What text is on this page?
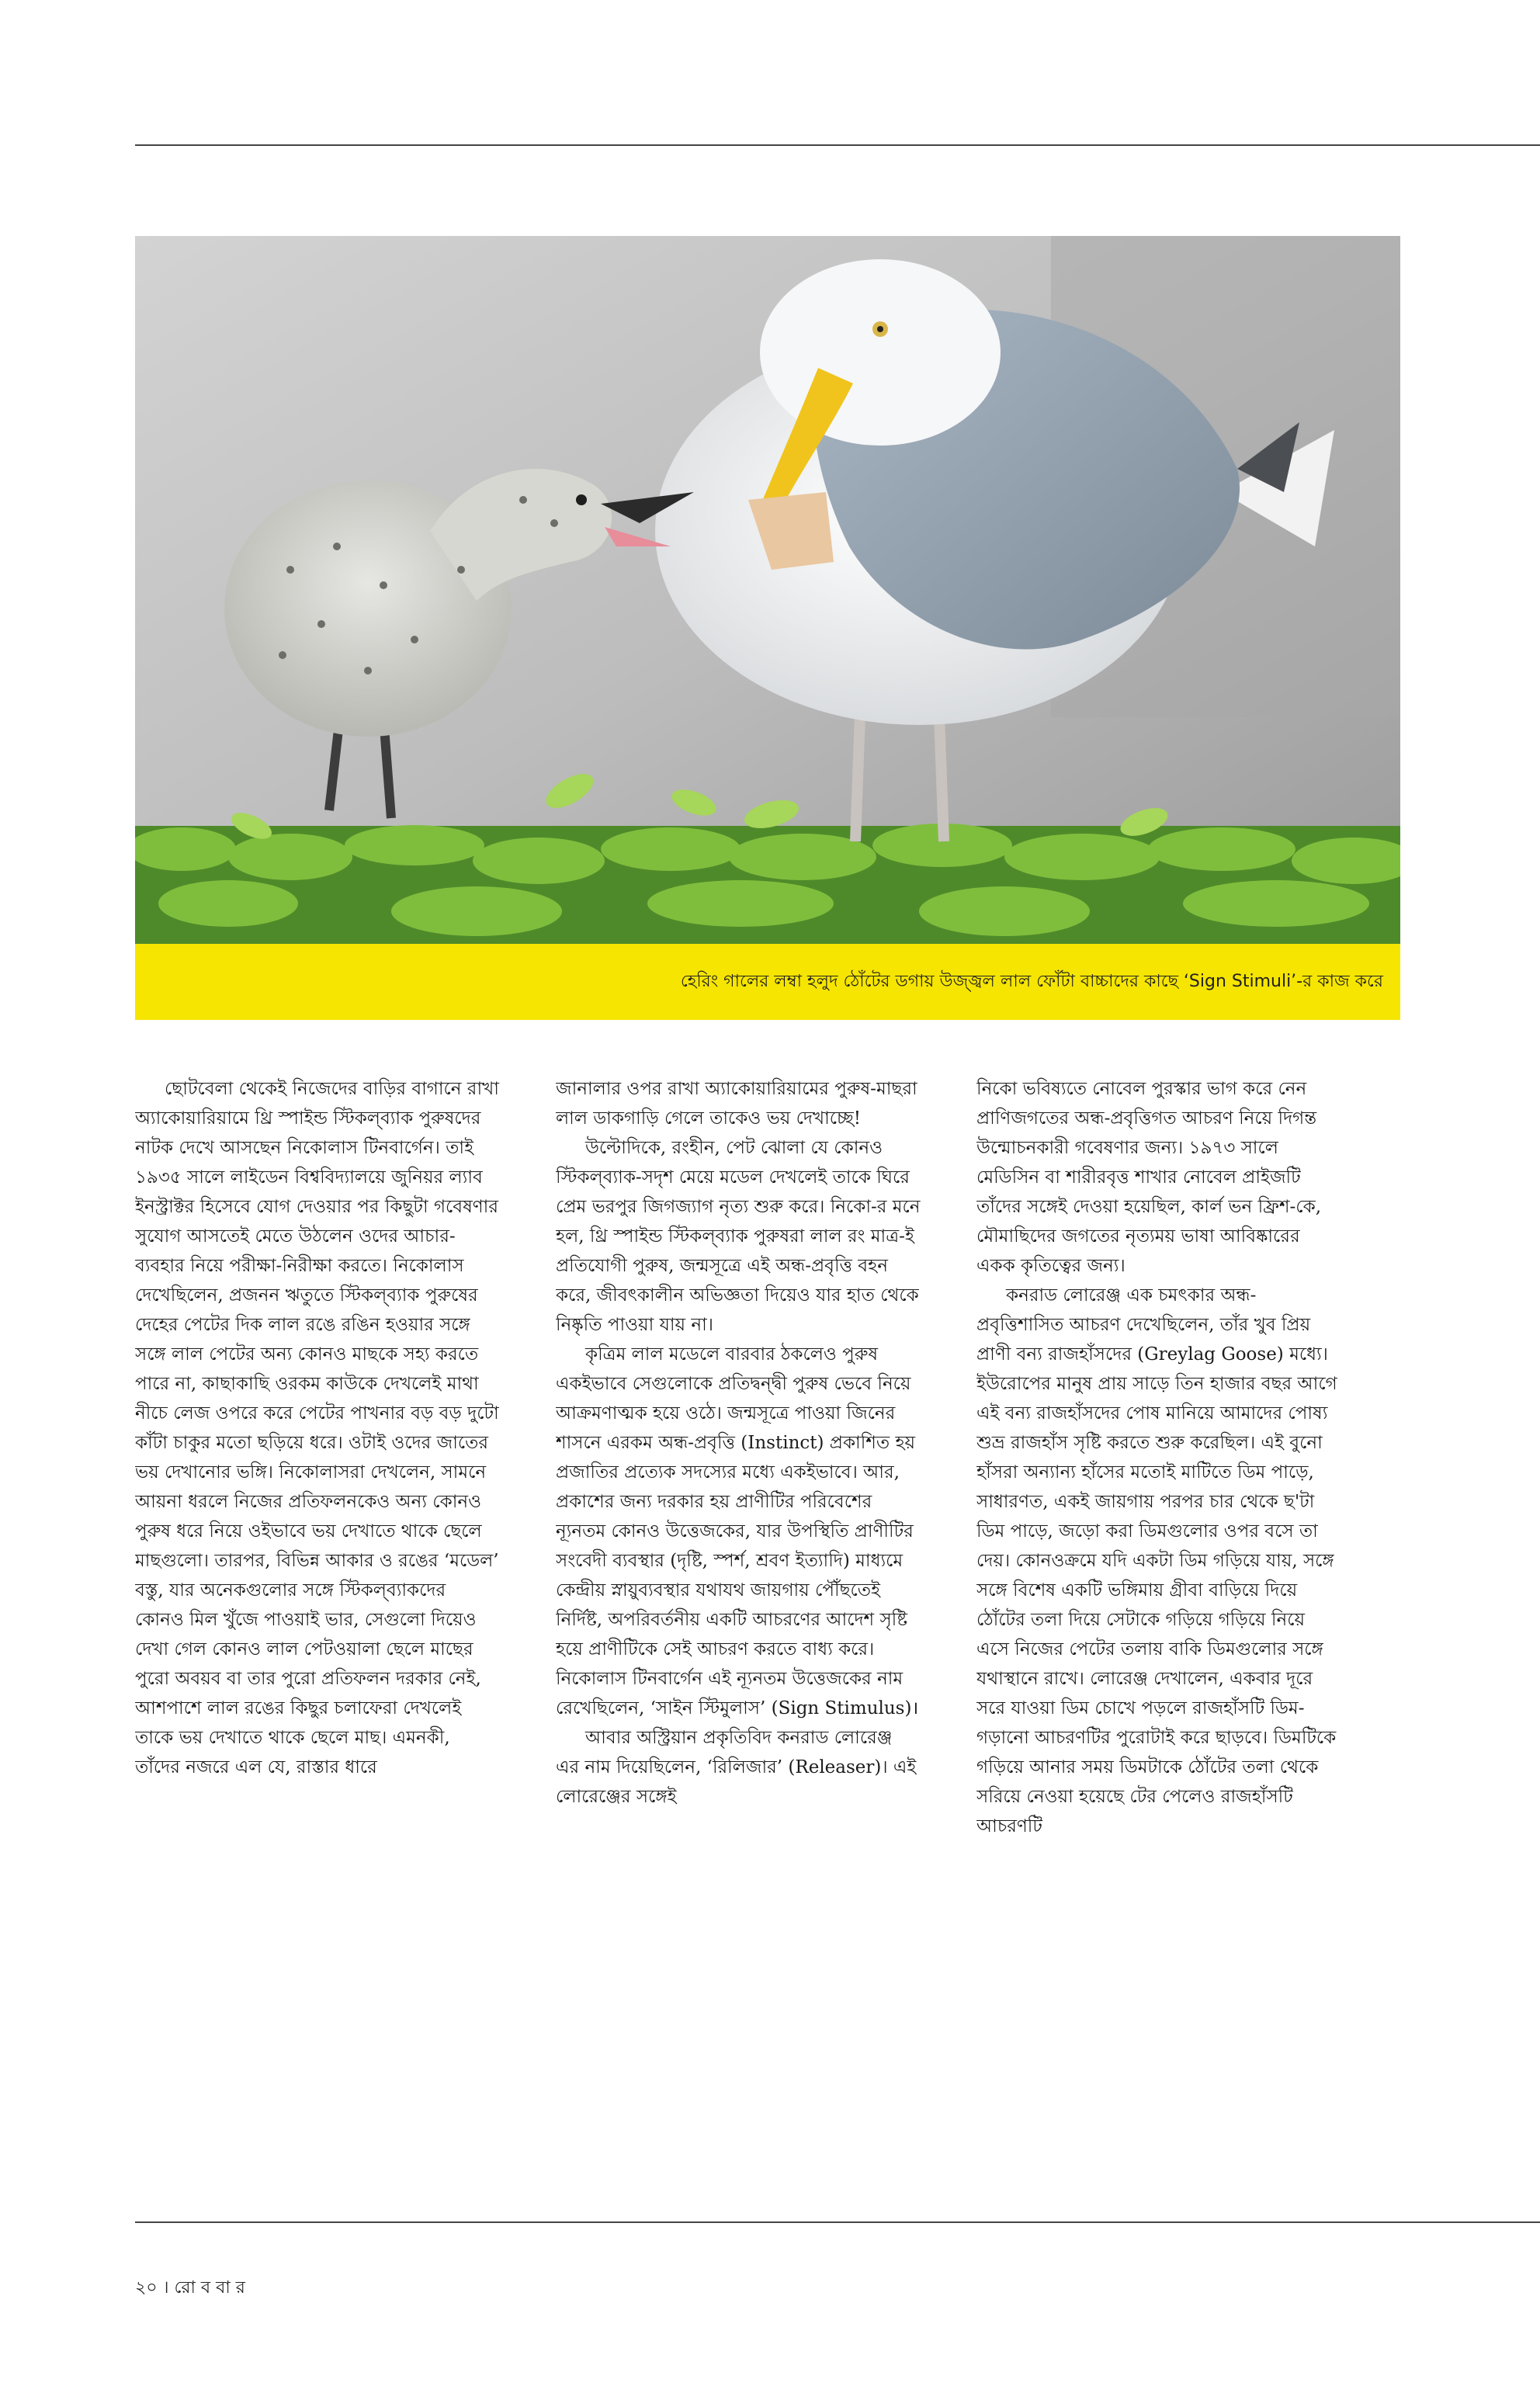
হেরিং গালের লম্বা হলুদ ঠোঁটের ডগায় উজ্জ্বল লাল ফোঁটা বাচ্চাদের কাছে ‘Sign Stimuli’-র কাজ করে

ছোটবেলা থেকেই নিজেদের বাড়ির বাগানে রাখা অ্যাকোয়ারিয়ামে থ্রি স্পাইন্ড স্টিকল্‌ব্যাক পুরুষদের নাটক দেখে আসছেন নিকোলাস টিনবার্গেন। তাই ১৯৩৫ সালে লাইডেন বিশ্ববিদ্যালয়ে জুনিয়র ল্যাব ইনস্ট্রাক্টর হিসেবে যোগ দেওয়ার পর কিছুটা গবেষণার সুযোগ আসতেই মেতে উঠলেন ওদের আচার-ব্যবহার নিয়ে পরীক্ষা-নিরীক্ষা করতে। নিকোলাস দেখেছিলেন, প্রজনন ঋতুতে স্টিকল্‌ব্যাক পুরুষের দেহের পেটের দিক লাল রঙে রঙিন হওয়ার সঙ্গে সঙ্গে লাল পেটের অন্য কোনও মাছকে সহ্য করতে পারে না, কাছাকাছি ওরকম কাউকে দেখলেই মাথা নীচে লেজ ওপরে করে পেটের পাখনার বড় বড় দুটো কাঁটা চাকুর মতো ছড়িয়ে ধরে। ওটাই ওদের জাতের ভয় দেখানোর ভঙ্গি। নিকোলাসরা দেখলেন, সামনে আয়না ধরলে নিজের প্রতিফলনকেও অন্য কোনও পুরুষ ধরে নিয়ে ওইভাবে ভয় দেখাতে থাকে ছেলে মাছগুলো। তারপর, বিভিন্ন আকার ও রঙের ‘মডেল’ বস্তু, যার অনেকগুলোর সঙ্গে স্টিকল্‌ব্যাকদের কোনও মিল খুঁজে পাওয়াই ভার, সেগুলো দিয়েও দেখা গেল কোনও লাল পেটওয়ালা ছেলে মাছের পুরো অবয়ব বা তার পুরো প্রতিফলন দরকার নেই, আশপাশে লাল রঙের কিছুর চলাফেরা দেখলেই তাকে ভয় দেখাতে থাকে ছেলে মাছ। এমনকী, তাঁদের নজরে এল যে, রাস্তার ধারে

জানালার ওপর রাখা অ্যাকোয়ারিয়ামের পুরুষ-মাছরা লাল ডাকগাড়ি গেলে তাকেও ভয় দেখাচ্ছে!

উল্টোদিকে, রংহীন, পেট ঝোলা যে কোনও স্টিকল্‌ব্যাক-সদৃশ মেয়ে মডেল দেখলেই তাকে ঘিরে প্রেম ভরপুর জিগজ্যাগ নৃত্য শুরু করে। নিকো-র মনে হল, থ্রি স্পাইন্ড স্টিকল্‌ব্যাক পুরুষরা লাল রং মাত্র-ই প্রতিযোগী পুরুষ, জন্মসূত্রে এই অন্ধ-প্রবৃত্তি বহন করে, জীবৎকালীন অভিজ্ঞতা দিয়েও যার হাত থেকে নিষ্কৃতি পাওয়া যায় না।

কৃত্রিম লাল মডেলে বারবার ঠকলেও পুরুষ একইভাবে সেগুলোকে প্রতিদ্বন্দ্বী পুরুষ ভেবে নিয়ে আক্রমণাত্মক হয়ে ওঠে। জন্মসূত্রে পাওয়া জিনের শাসনে এরকম অন্ধ-প্রবৃত্তি (Instinct) প্রকাশিত হয় প্রজাতির প্রত্যেক সদস্যের মধ্যে একইভাবে। আর, প্রকাশের জন্য দরকার হয় প্রাণীটির পরিবেশের ন্যূনতম কোনও উত্তেজকের, যার উপস্থিতি প্রাণীটির সংবেদী ব্যবস্থার (দৃষ্টি, স্পর্শ, শ্রবণ ইত্যাদি) মাধ্যমে কেন্দ্রীয় স্নায়ুব্যবস্থার যথাযথ জায়গায় পৌঁছতেই নির্দিষ্ট, অপরিবর্তনীয় একটি আচরণের আদেশ সৃষ্টি হয়ে প্রাণীটিকে সেই আচরণ করতে বাধ্য করে। নিকোলাস টিনবার্গেন এই ন্যূনতম উত্তেজকের নাম রেখেছিলেন, ‘সাইন স্টিমুলাস’ (Sign Stimulus)।

আবার অস্ট্রিয়ান প্রকৃতিবিদ কনরাড লোরেঞ্জ এর নাম দিয়েছিলেন, ‘রিলিজার’ (Releaser)। এই লোরেঞ্জের সঙ্গেই

নিকো ভবিষ্যতে নোবেল পুরস্কার ভাগ করে নেন প্রাণিজগতের অন্ধ-প্রবৃত্তিগত আচরণ নিয়ে দিগন্ত উন্মোচনকারী গবেষণার জন্য। ১৯৭৩ সালে মেডিসিন বা শারীরবৃত্ত শাখার নোবেল প্রাইজটি তাঁদের সঙ্গেই দেওয়া হয়েছিল, কার্ল ভন ফ্রিশ-কে, মৌমাছিদের জগতের নৃত্যময় ভাষা আবিষ্কারের একক কৃতিত্বের জন্য।

কনরাড লোরেঞ্জ এক চমৎকার অন্ধ-প্রবৃত্তিশাসিত আচরণ দেখেছিলেন, তাঁর খুব প্রিয় প্রাণী বন্য রাজহাঁসদের (Greylag Goose) মধ্যে। ইউরোপের মানুষ প্রায় সাড়ে তিন হাজার বছর আগে এই বন্য রাজহাঁসদের পোষ মানিয়ে আমাদের পোষ্য শুভ্র রাজহাঁস সৃষ্টি করতে শুরু করেছিল। এই বুনো হাঁসরা অন্যান্য হাঁসের মতোই মাটিতে ডিম পাড়ে, সাধারণত, একই জায়গায় পরপর চার থেকে ছ'টা ডিম পাড়ে, জড়ো করা ডিমগুলোর ওপর বসে তা দেয়। কোনওক্রমে যদি একটা ডিম গড়িয়ে যায়, সঙ্গে সঙ্গে বিশেষ একটি ভঙ্গিমায় গ্রীবা বাড়িয়ে দিয়ে ঠোঁটের তলা দিয়ে সেটাকে গড়িয়ে গড়িয়ে নিয়ে এসে নিজের পেটের তলায় বাকি ডিমগুলোর সঙ্গে যথাস্থানে রাখে। লোরেঞ্জ দেখালেন, একবার দূরে সরে যাওয়া ডিম চোখে পড়লে রাজহাঁসটি ডিম-গড়ানো আচরণটির পুরোটাই করে ছাড়বে। ডিমটিকে গড়িয়ে আনার সময় ডিমটাকে ঠোঁটের তলা থেকে সরিয়ে নেওয়া হয়েছে টের পেলেও রাজহাঁসটি আচরণটি

২০ । রো ব বা র
